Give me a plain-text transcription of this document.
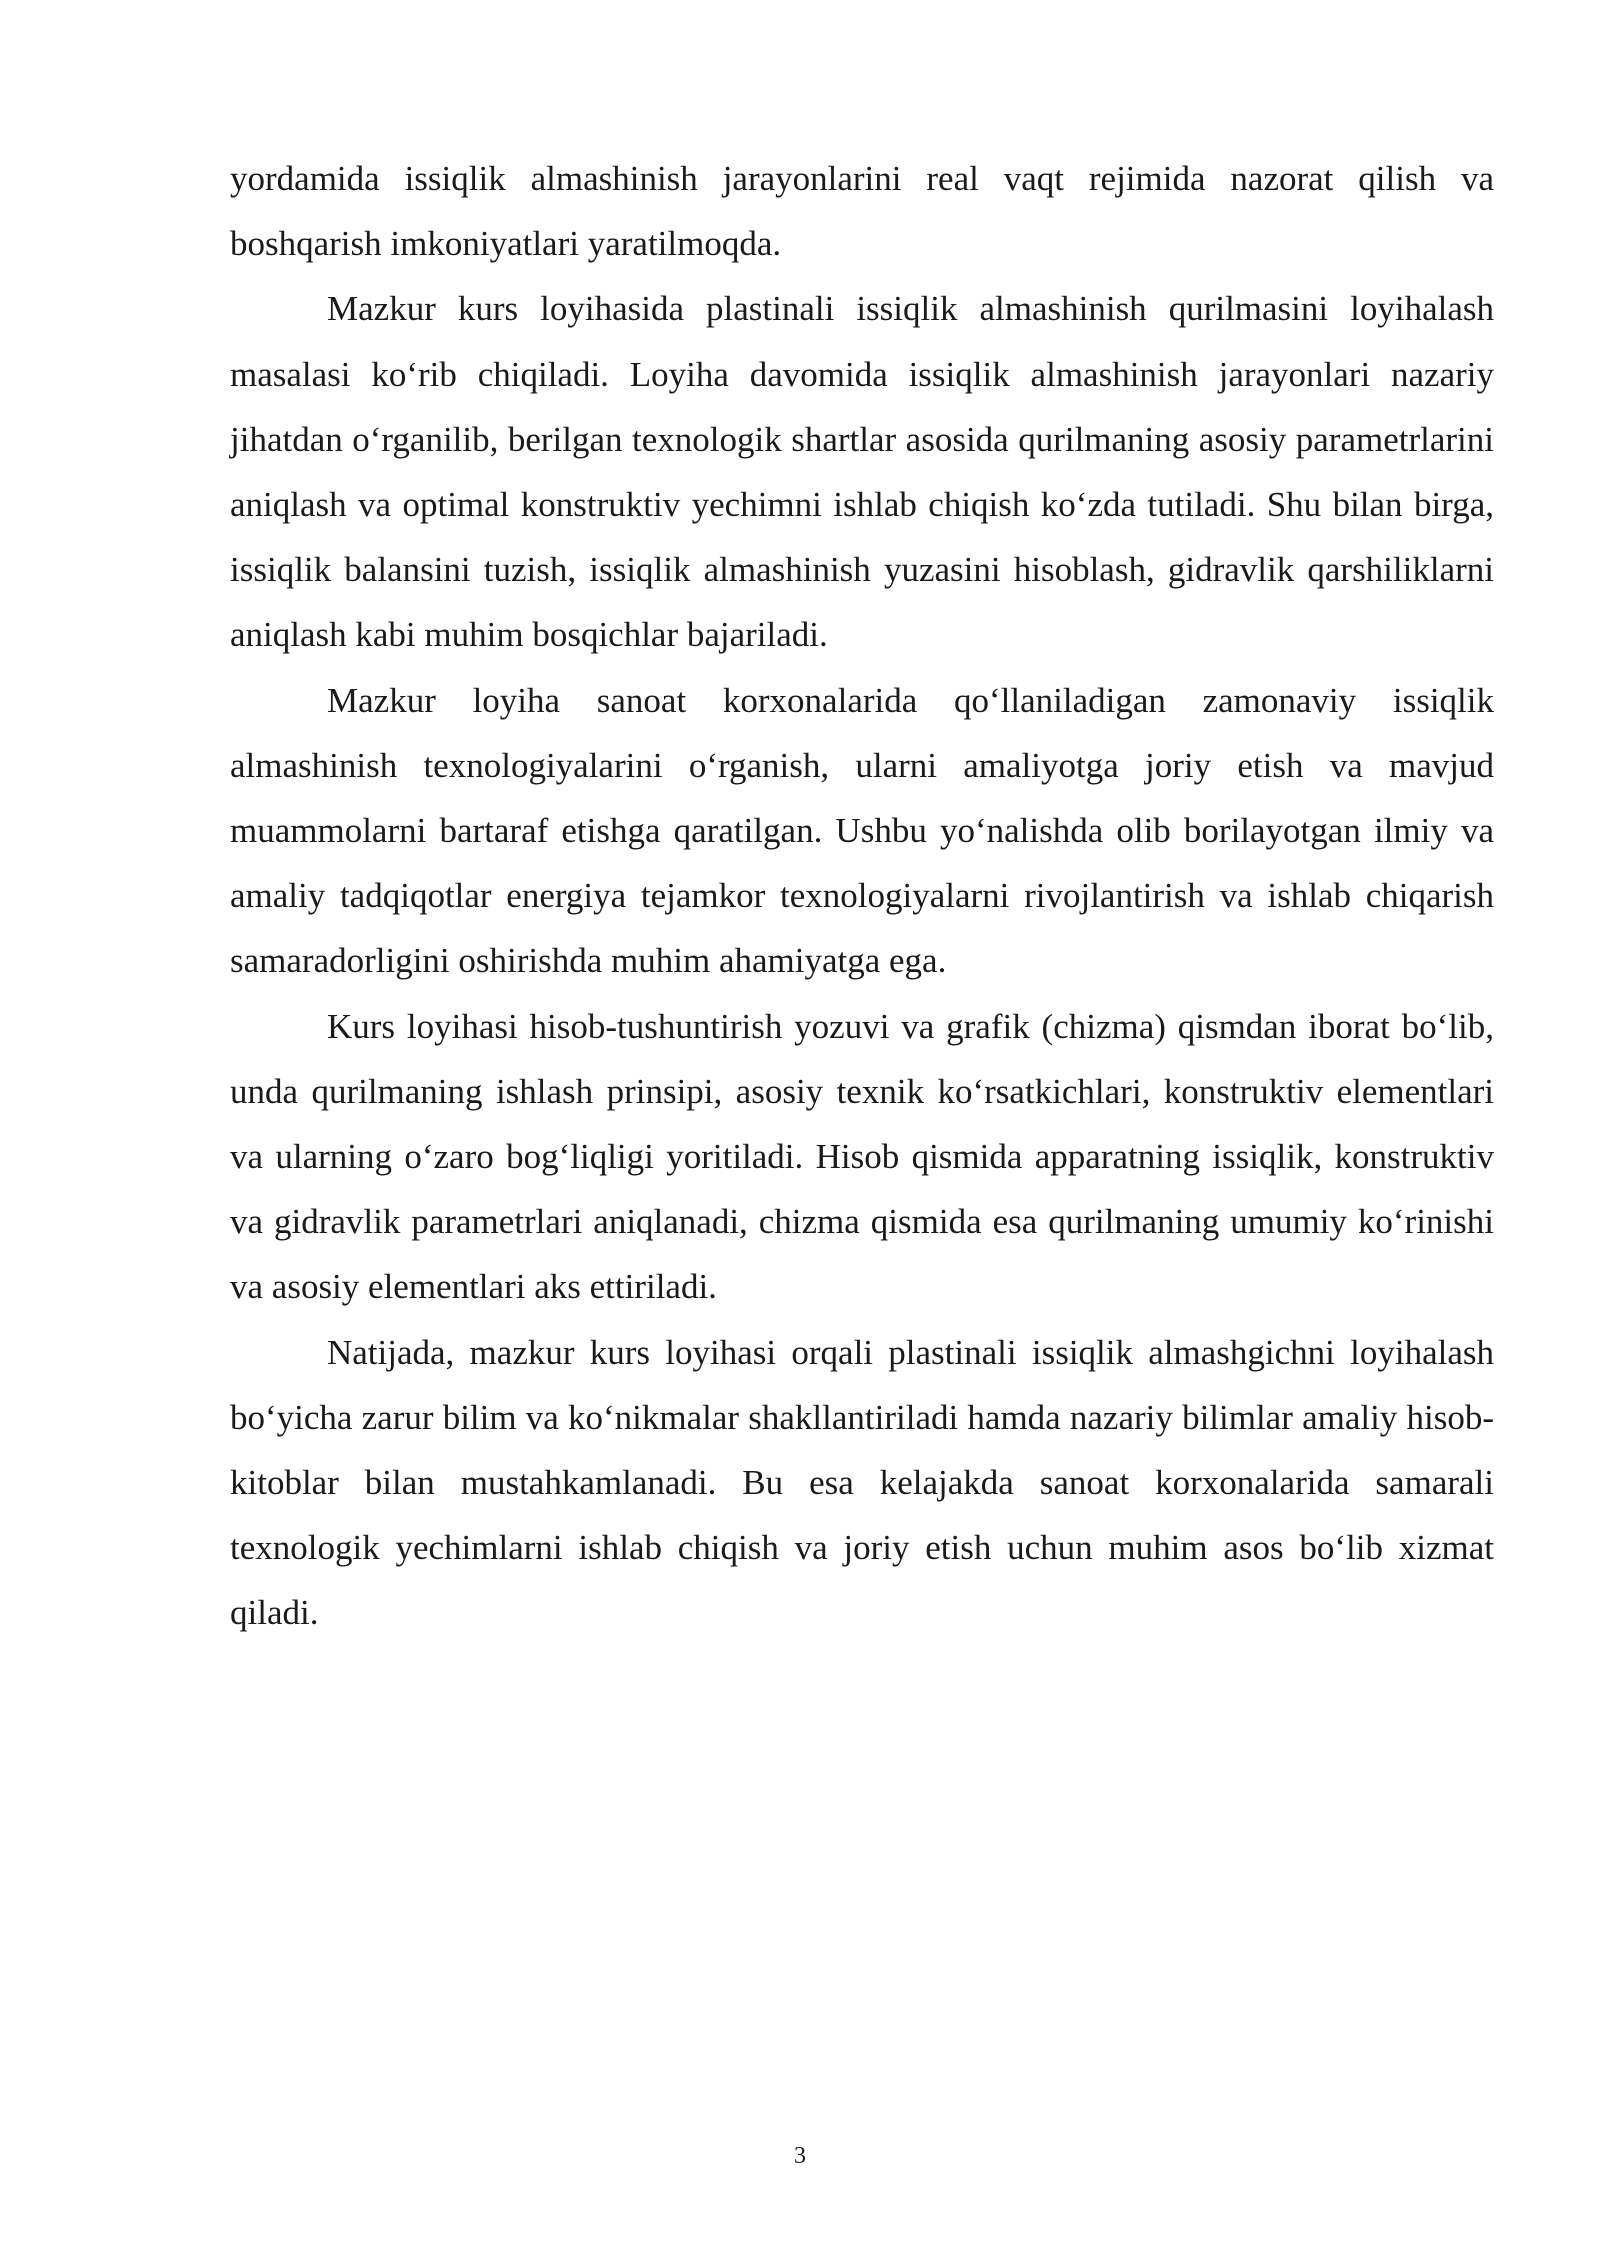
yordamida issiqlik almashinish jarayonlarini real vaqt rejimida nazorat qilish va boshqarish imkoniyatlari yaratilmoqda.

Mazkur kurs loyihasida plastinali issiqlik almashinish qurilmasini loyihalash masalasi ko‘rib chiqiladi. Loyiha davomida issiqlik almashinish jarayonlari nazariy jihatdan o‘rganilib, berilgan texnologik shartlar asosida qurilmaning asosiy parametrlarini aniqlash va optimal konstruktiv yechimni ishlab chiqish ko‘zda tutiladi. Shu bilan birga, issiqlik balansini tuzish, issiqlik almashinish yuzasini hisoblash, gidravlik qarshiliklarni aniqlash kabi muhim bosqichlar bajariladi.

Mazkur loyiha sanoat korxonalarida qo‘llaniladigan zamonaviy issiqlik almashinish texnologiyalarini o‘rganish, ularni amaliyotga joriy etish va mavjud muammolarni bartaraf etishga qaratilgan. Ushbu yo‘nalishda olib borilayotgan ilmiy va amaliy tadqiqotlar energiya tejamkor texnologiyalarni rivojlantirish va ishlab chiqarish samaradorligini oshirishda muhim ahamiyatga ega.

Kurs loyihasi hisob-tushuntirish yozuvi va grafik (chizma) qismdan iborat bo‘lib, unda qurilmaning ishlash prinsipi, asosiy texnik ko‘rsatkichlari, konstruktiv elementlari va ularning o‘zaro bog‘liqligi yoritiladi. Hisob qismida apparatning issiqlik, konstruktiv va gidravlik parametrlari aniqlanadi, chizma qismida esa qurilmaning umumiy ko‘rinishi va asosiy elementlari aks ettiriladi.

Natijada, mazkur kurs loyihasi orqali plastinali issiqlik almashgichni loyihalash bo‘yicha zarur bilim va ko‘nikmalar shakllantiriladi hamda nazariy bilimlar amaliy hisob-kitoblar bilan mustahkamlanadi. Bu esa kelajakda sanoat korxonalarida samarali texnologik yechimlarni ishlab chiqish va joriy etish uchun muhim asos bo‘lib xizmat qiladi.

3
